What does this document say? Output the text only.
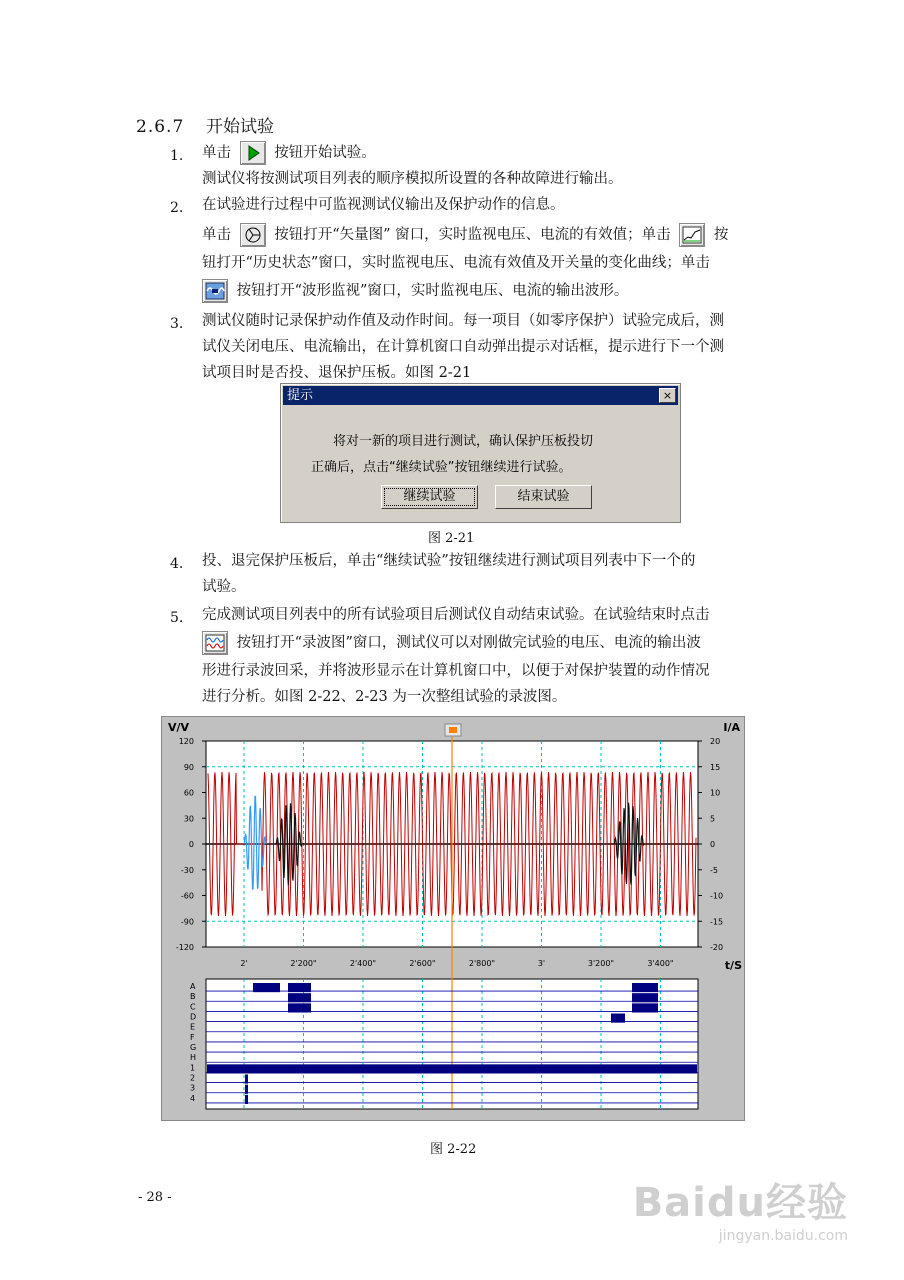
2.6.7 开始试验
1. 单击	按钮开始试验。
测试仪将按测试项目列表的顺序模拟所设置的各种故障进行输出。
2. 在试验进行过程中可监视测试仪输出及保护动作的信息。
单击	按钮打开“矢量图” 窗口，实时监视电压、电流的有效值；单击	按
钮打开“历史状态”窗口，实时监视电压、电流有效值及开关量的变化曲线；单击
按钮打开“波形监视”窗口，实时监视电压、电流的输出波形。
3. 测试仪随时记录保护动作值及动作时间。每一项目（如零序保护）试验完成后，测
试仪关闭电压、电流输出，在计算机窗口自动弹出提示对话框，提示进行下一个测
试项目时是否投、退保护压板。如图 2-21
提示	×
将对一新的项目进行测试，确认保护压板投切
正确后，点击“继续试验”按钮继续进行试验。
继续试验	结束试验
图 2-21
4. 投、退完保护压板后，单击“继续试验”按钮继续进行测试项目列表中下一个的
试验。
5. 完成测试项目列表中的所有试验项目后测试仪自动结束试验。在试验结束时点击
按钮打开“录波图”窗口，测试仪可以对刚做完试验的电压、电流的输出波
形进行录波回采，并将波形显示在计算机窗口中，以便于对保护装置的动作情况
进行分析。如图 2-22、2-23 为一次整组试验的录波图。
V/V	I/A
t/S
120	20
90	15
60	10
30	5
0	0
-30	-5
-60	-10
-90	-15
-120	-20
2'	2'200"	2'400"	2'600"	2'800"	3'	3'200"	3'400"
A
B
C
D
E
F
G
H
1
2
3
4
图 2-22
- 28 -	Baidu经验
jingyan.baidu.com
